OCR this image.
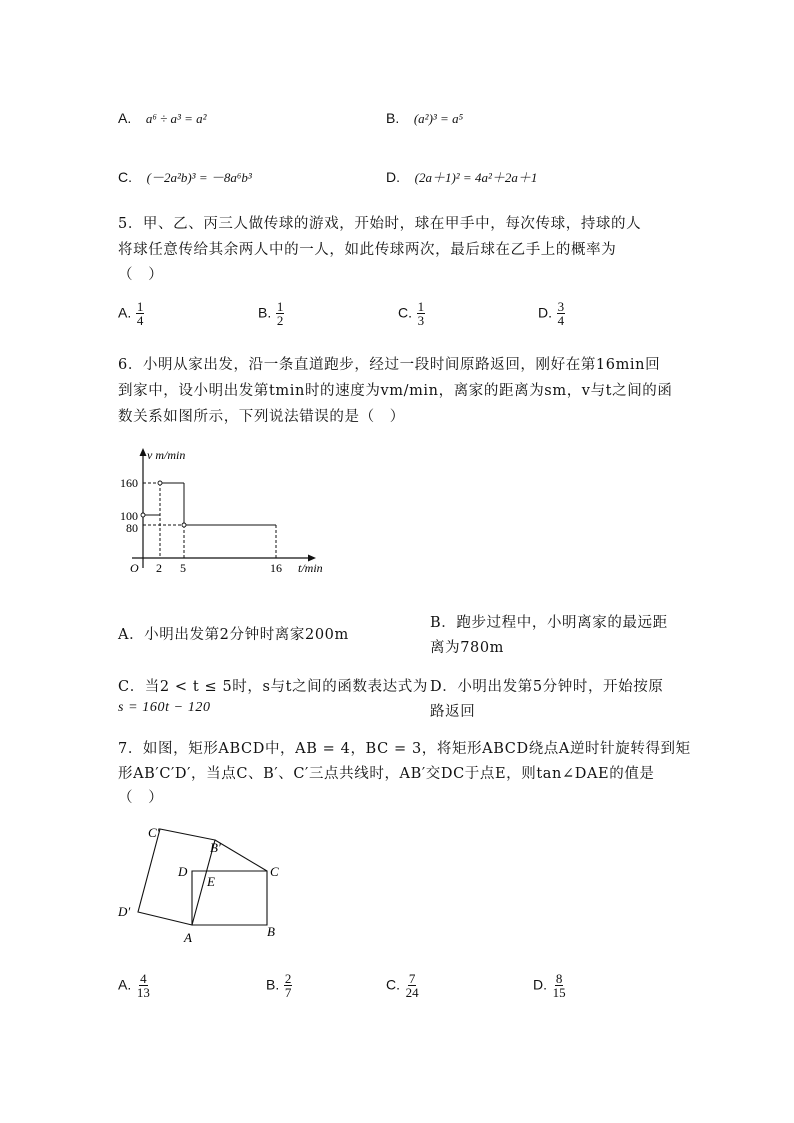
A. a⁶ ÷ a³ = a²	B. (a²)³ = a⁵
C. (－2a²b)³ = －8a⁶b³	D. (2a＋1)² = 4a²＋2a＋1
5．甲、乙、丙三人做传球的游戏，开始时，球在甲手中，每次传球，持球的人
将球任意传给其余两人中的一人，如此传球两次，最后球在乙手上的概率为
（　）
A. $\frac{1}{4}$	B. $\frac{1}{2}$	C. $\frac{1}{3}$	D. $\frac{3}{4}$
6．小明从家出发，沿一条直道跑步，经过一段时间原路返回，刚好在第16min回
到家中，设小明出发第tmin时的速度为vm/min，离家的距离为sm，v与t之间的函
数关系如图所示，下列说法错误的是（　）
v m/min
t/min
O
160
100
80
2 5	16
A．小明出发第2分钟时离家200m
B．跑步过程中，小明离家的最远距
离为780m
C．当2 < t ≤ 5时，s与t之间的函数表达式为
s = 160t − 120
D．小明出发第5分钟时，开始按原
路返回
7．如图，矩形ABCD中，AB = 4，BC = 3，将矩形ABCD绕点A逆时针旋转得到矩
形AB′C′D′，当点C、B′、C′三点共线时，AB′交DC于点E，则tan∠DAE的值是
（　）
C′
B′
D
E
C
D′
A	B
A. $\frac{4}{13}$	B. $\frac{2}{7}$	C. $\frac{7}{24}$	D. $\frac{8}{15}$
